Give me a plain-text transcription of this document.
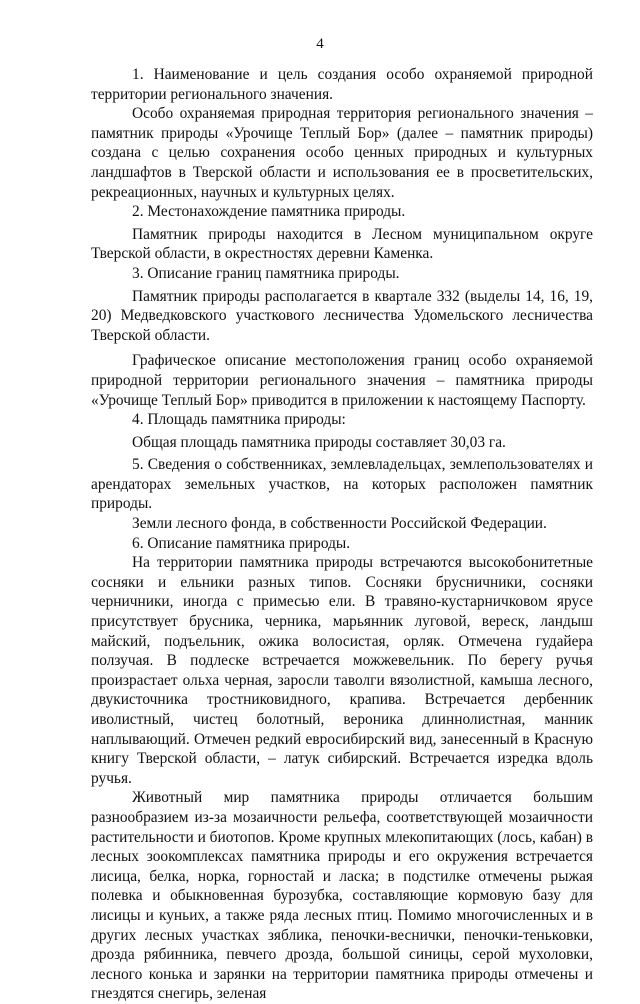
4

1. Наименование и цель создания особо охраняемой природной территории регионального значения.

Особо охраняемая природная территория регионального значения – памятник природы «Урочище Теплый Бор» (далее – памятник природы) создана с целью сохранения особо ценных природных и культурных ландшафтов в Тверской области и использования ее в просветительских, рекреационных, научных и культурных целях.

2. Местонахождение памятника природы.

Памятник природы находится в Лесном муниципальном округе Тверской области, в окрестностях деревни Каменка.

3. Описание границ памятника природы.

Памятник природы располагается в квартале 332 (выделы 14, 16, 19, 20) Медведковского участкового лесничества Удомельского лесничества Тверской области.

Графическое описание местоположения границ особо охраняемой природной территории регионального значения – памятника природы «Урочище Теплый Бор» приводится в приложении к настоящему Паспорту.

4. Площадь памятника природы:

Общая площадь памятника природы составляет 30,03 га.

5. Сведения о собственниках, землевладельцах, землепользователях и арендаторах земельных участков, на которых расположен памятник природы.

Земли лесного фонда, в собственности Российской Федерации.

6. Описание памятника природы.

На территории памятника природы встречаются высокобонитетные сосняки и ельники разных типов. Сосняки брусничники, сосняки черничники, иногда с примесью ели. В травяно-кустарничковом ярусе присутствует брусника, черника, марьянник луговой, вереск, ландыш майский, подъельник, ожика волосистая, орляк. Отмечена гудайера ползучая. В подлеске встречается можжевельник. По берегу ручья произрастает ольха черная, заросли таволги вязолистной, камыша лесного, двукисточника тростниковидного, крапива. Встречается дербенник иволистный, чистец болотный, вероника длиннолистная, манник наплывающий. Отмечен редкий евросибирский вид, занесенный в Красную книгу Тверской области, – латук сибирский. Встречается изредка вдоль ручья.

Животный мир памятника природы отличается большим разнообразием из-за мозаичности рельефа, соответствующей мозаичности растительности и биотопов. Кроме крупных млекопитающих (лось, кабан) в лесных зоокомплексах памятника природы и его окружения встречается лисица, белка, норка, горностай и ласка; в подстилке отмечены рыжая полевка и обыкновенная бурозубка, составляющие кормовую базу для лисицы и куньих, а также ряда лесных птиц. Помимо многочисленных и в других лесных участках зяблика, пеночки-веснички, пеночки-теньковки, дрозда рябинника, певчего дрозда, большой синицы, серой мухоловки, лесного конька и зарянки на территории памятника природы отмечены и гнездятся снегирь, зеленая
